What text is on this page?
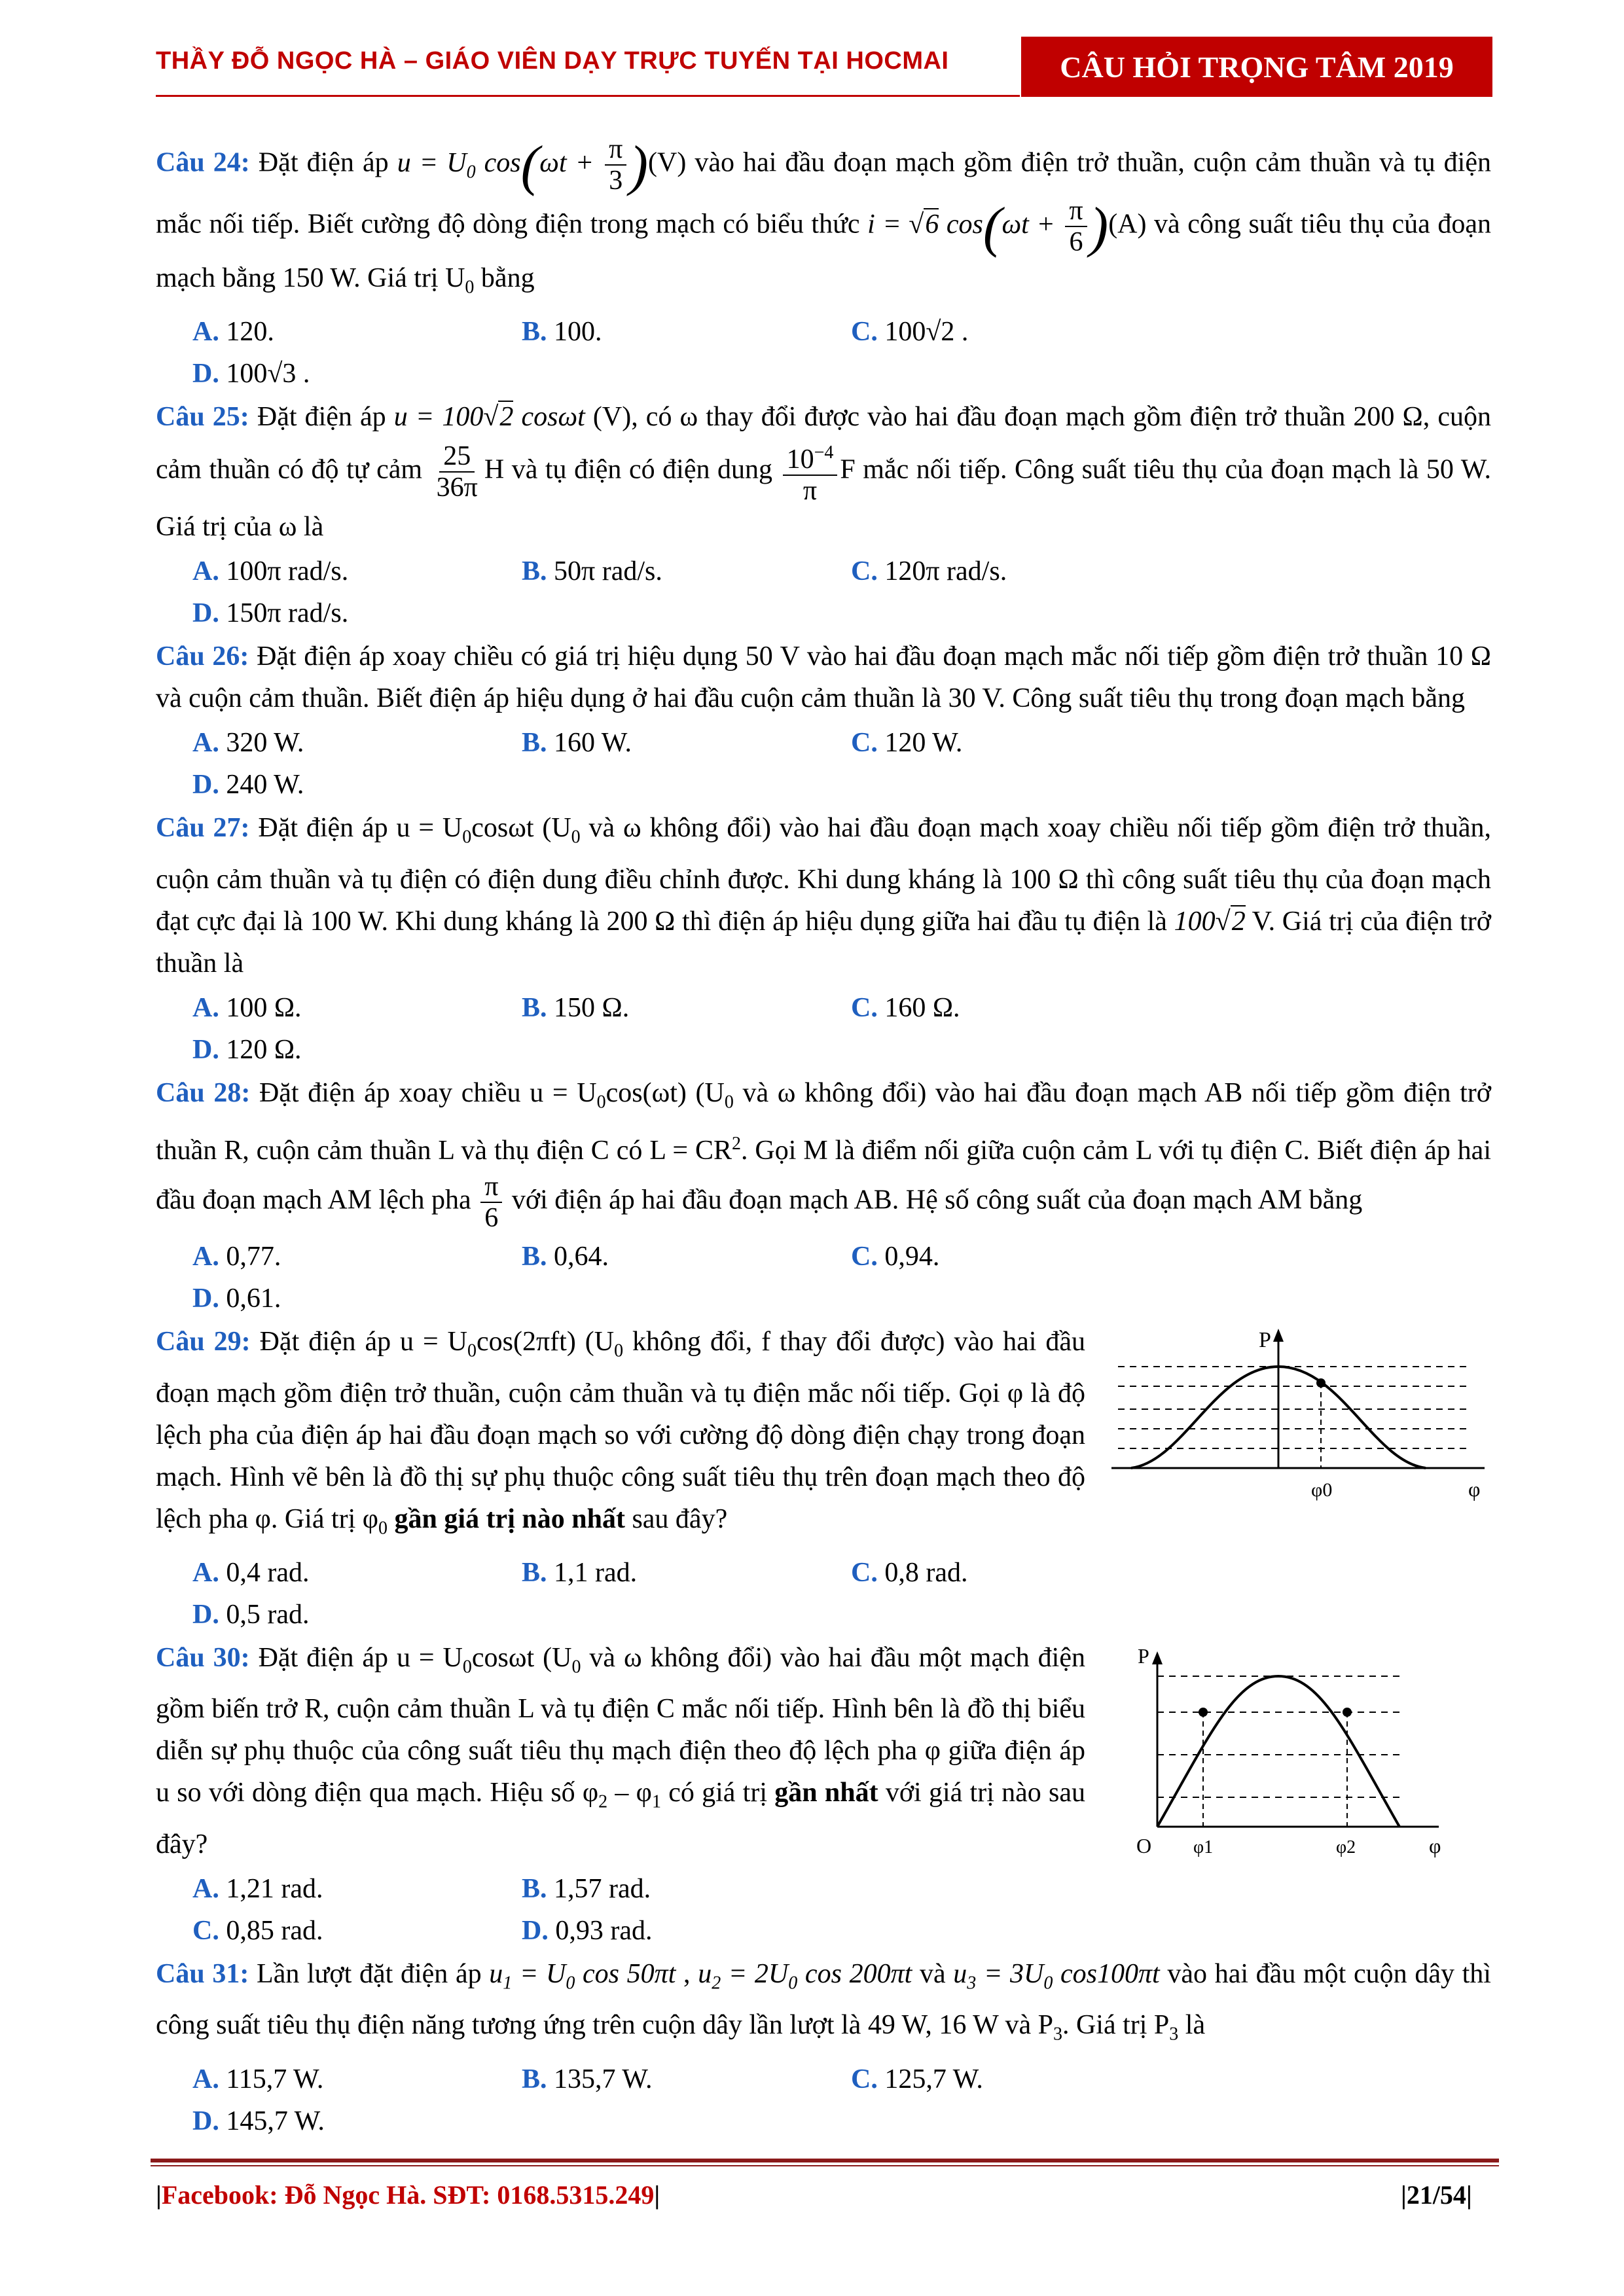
THẦY ĐỖ NGỌC HÀ – GIÁO VIÊN DẠY TRỰC TUYẾN TẠI HOCMAI	CÂU HỎI TRỌNG TÂM 2019
Câu 24: Đặt điện áp $u = U_0$ $\cos(\omega t + \frac{\pi}{3} )(V)$ vào hai đầu đoạn mạch gồm điện trở thuần, cuộn cảm thuần và tụ điện mắc nối tiếp. Biết cường độ dòng điện trong mạch có biểu thức i = √6 $\cos(\omega t + \frac{\pi}{6} )(A)$ và công suất tiêu thụ của đoạn mạch bằng 150 W. Giá trị $U_0$ bằng
A. 120.	B. 100.	C. 100√2 .
D. 100√3 .
Câu 25: Đặt điện áp u = 100√2 cosωt (V), có ω thay đổi được vào hai đầu đoạn mạch gồm điện trở thuần 200 Ω, cuộn cảm thuần có độ tự cảm $\frac{25}{36\pi}$ H và tụ điện có điện dung $\frac{10^{-4}}{\pi}$ F mắc nối tiếp. Công suất tiêu thụ của đoạn mạch là 50 W. Giá trị của ω là
A. 100π rad/s.	B. 50π rad/s.	C. 120π rad/s.
D. 150π rad/s.
Câu 26: Đặt điện áp xoay chiều có giá trị hiệu dụng 50 V vào hai đầu đoạn mạch mắc nối tiếp gồm điện trở thuần 10 Ω và cuộn cảm thuần. Biết điện áp hiệu dụng ở hai đầu cuộn cảm thuần là 30 V. Công suất tiêu thụ trong đoạn mạch bằng
A. 320 W.	B. 160 W.	C. 120 W.
D. 240 W.
Câu 27: Đặt điện áp $u = U_0\cos\omega t$ ($U_0$ và ω không đổi) vào hai đầu đoạn mạch xoay chiều nối tiếp gồm điện trở thuần, cuộn cảm thuần và tụ điện có điện dung điều chỉnh được. Khi dung kháng là 100 Ω thì công suất tiêu thụ của đoạn mạch đạt cực đại là 100 W. Khi dung kháng là 200 Ω thì điện áp hiệu dụng giữa hai đầu tụ điện là 100√2 V. Giá trị của điện trở thuần là
A. 100 Ω.	B. 150 Ω.	C. 160 Ω.
D. 120 Ω.
Câu 28: Đặt điện áp xoay chiều $u = U_0\cos(\omega t)$ ($U_0$ và ω không đổi) vào hai đầu đoạn mạch AB nối tiếp gồm điện trở thuần R, cuộn cảm thuần L và thụ điện C có $L = CR^2$. Gọi M là điểm nối giữa cuộn cảm L với tụ điện C. Biết điện áp hai đầu đoạn mạch AM lệch pha $\frac{\pi}{6}$ với điện áp hai đầu đoạn mạch AB. Hệ số công suất của đoạn mạch AM bằng
A. 0,77.	B. 0,64.	C. 0,94.
D. 0,61.
Câu 29: Đặt điện áp $u = U_0\cos(2\pi ft)$ ($U_0$ không đổi, f thay đổi được) vào hai đầu đoạn mạch gồm điện trở thuần, cuộn cảm thuần và tụ điện mắc nối tiếp. Gọi φ là độ lệch pha của điện áp hai đầu đoạn mạch so với cường độ dòng điện chạy trong đoạn mạch. Hình vẽ bên là đồ thị sự phụ thuộc công suất tiêu thụ trên đoạn mạch theo độ lệch pha φ. Giá trị $\varphi_0$ gần giá trị nào nhất sau đây?
P
φ0	φ
A. 0,4 rad.	B. 1,1 rad.	C. 0,8 rad.
D. 0,5 rad.
Câu 30: Đặt điện áp $u = U_0\cos\omega t$ ($U_0$ và ω không đổi) vào hai đầu một mạch điện gồm biến trở R, cuộn cảm thuần L và tụ điện C mắc nối tiếp. Hình bên là đồ thị biểu diễn sự phụ thuộc của công suất tiêu thụ mạch điện theo độ lệch pha φ giữa điện áp u so với dòng điện qua mạch. Hiệu số $\varphi_2 - \varphi_1$ có giá trị gần nhất với giá trị nào sau đây?
A. 1,21 rad.	B. 1,57 rad.
C. 0,85 rad.	D. 0,93 rad.
P
O φ1	φ2	φ
Câu 31: Lần lượt đặt điện áp $u_1 = U_0$ cos 50πt , $u_2 = 2U_0$ cos 200πt và $u_3 = 3U_0$ cos100πt vào hai đầu một cuộn dây thì công suất tiêu thụ điện năng tương ứng trên cuộn dây lần lượt là 49 W, 16 W và $P_3$. Giá trị $P_3$ là
A. 115,7 W.	B. 135,7 W.	C. 125,7 W.
D. 145,7 W.
|Facebook: Đỗ Ngọc Hà. SĐT: 0168.5315.249|	|21/54|
